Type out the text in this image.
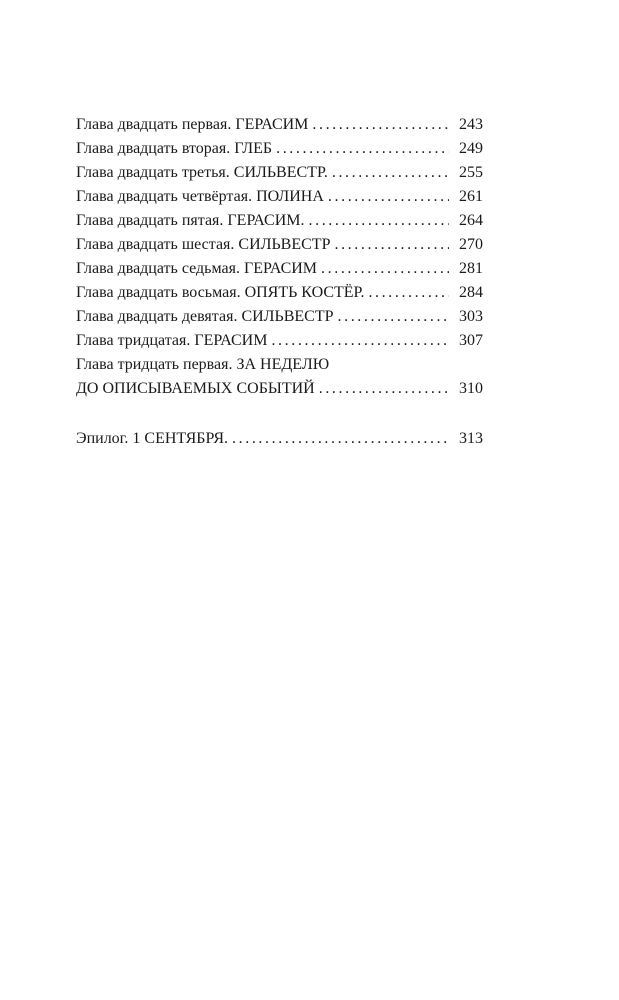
Глава двадцать первая. ГЕРАСИМ .....	243
Глава двадцать вторая. ГЛЕБ .....	249
Глава двадцать третья. СИЛЬВЕСТР. .....	255
Глава двадцать четвёртая. ПОЛИНА .....	261
Глава двадцать пятая. ГЕРАСИМ. .....	264
Глава двадцать шестая. СИЛЬВЕСТР .....	270
Глава двадцать седьмая. ГЕРАСИМ .....	281
Глава двадцать восьмая. ОПЯТЬ КОСТЁР. .....	284
Глава двадцать девятая. СИЛЬВЕСТР .....	303
Глава тридцатая. ГЕРАСИМ .....	307
Глава тридцать первая. ЗА НЕДЕЛЮ
ДО ОПИСЫВАЕМЫХ СОБЫТИЙ .....	310
Эпилог. 1 СЕНТЯБРЯ. .....	313
